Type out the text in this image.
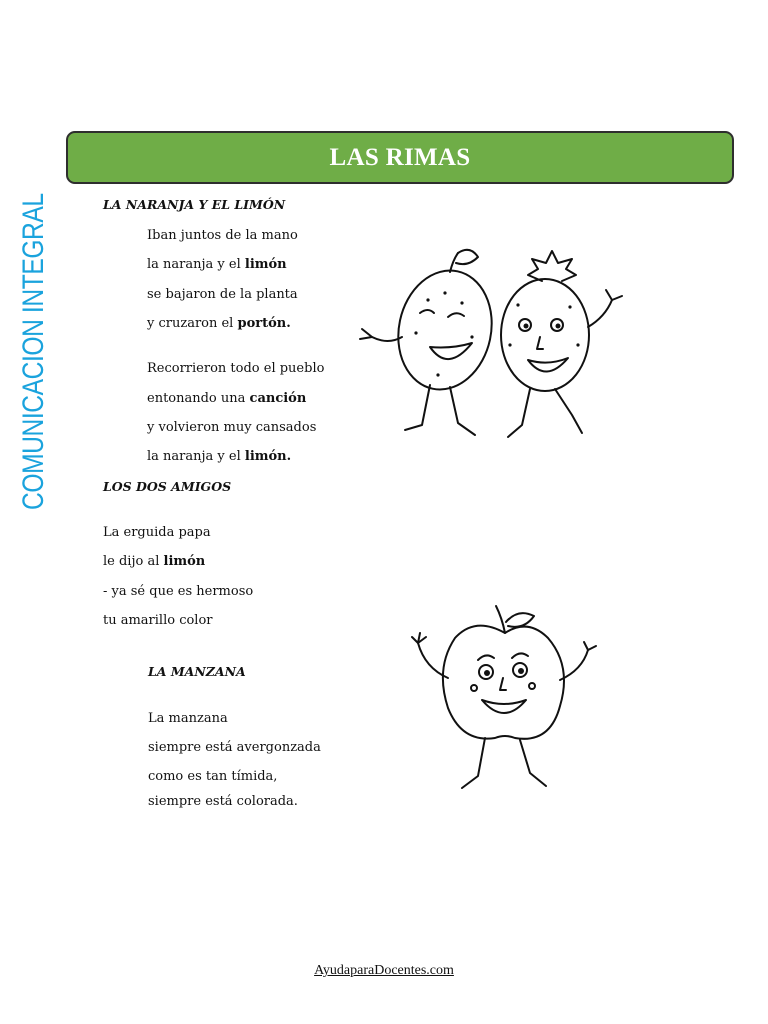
COMUNICACION INTEGRAL
LAS RIMAS
LA NARANJA Y EL LIMÓN
Iban juntos de la mano
la naranja y el limón
se bajaron de la planta
y cruzaron el portón.
Recorrieron todo el pueblo
entonando una canción
y volvieron muy cansados
la naranja y el limón.
LOS DOS AMIGOS
La erguida papa
le dijo al limón
- ya sé que es hermoso
tu amarillo color
LA MANZANA
La manzana
siempre está avergonzada
como es tan tímida,
siempre está colorada.
AyudaparaDocentes.com
